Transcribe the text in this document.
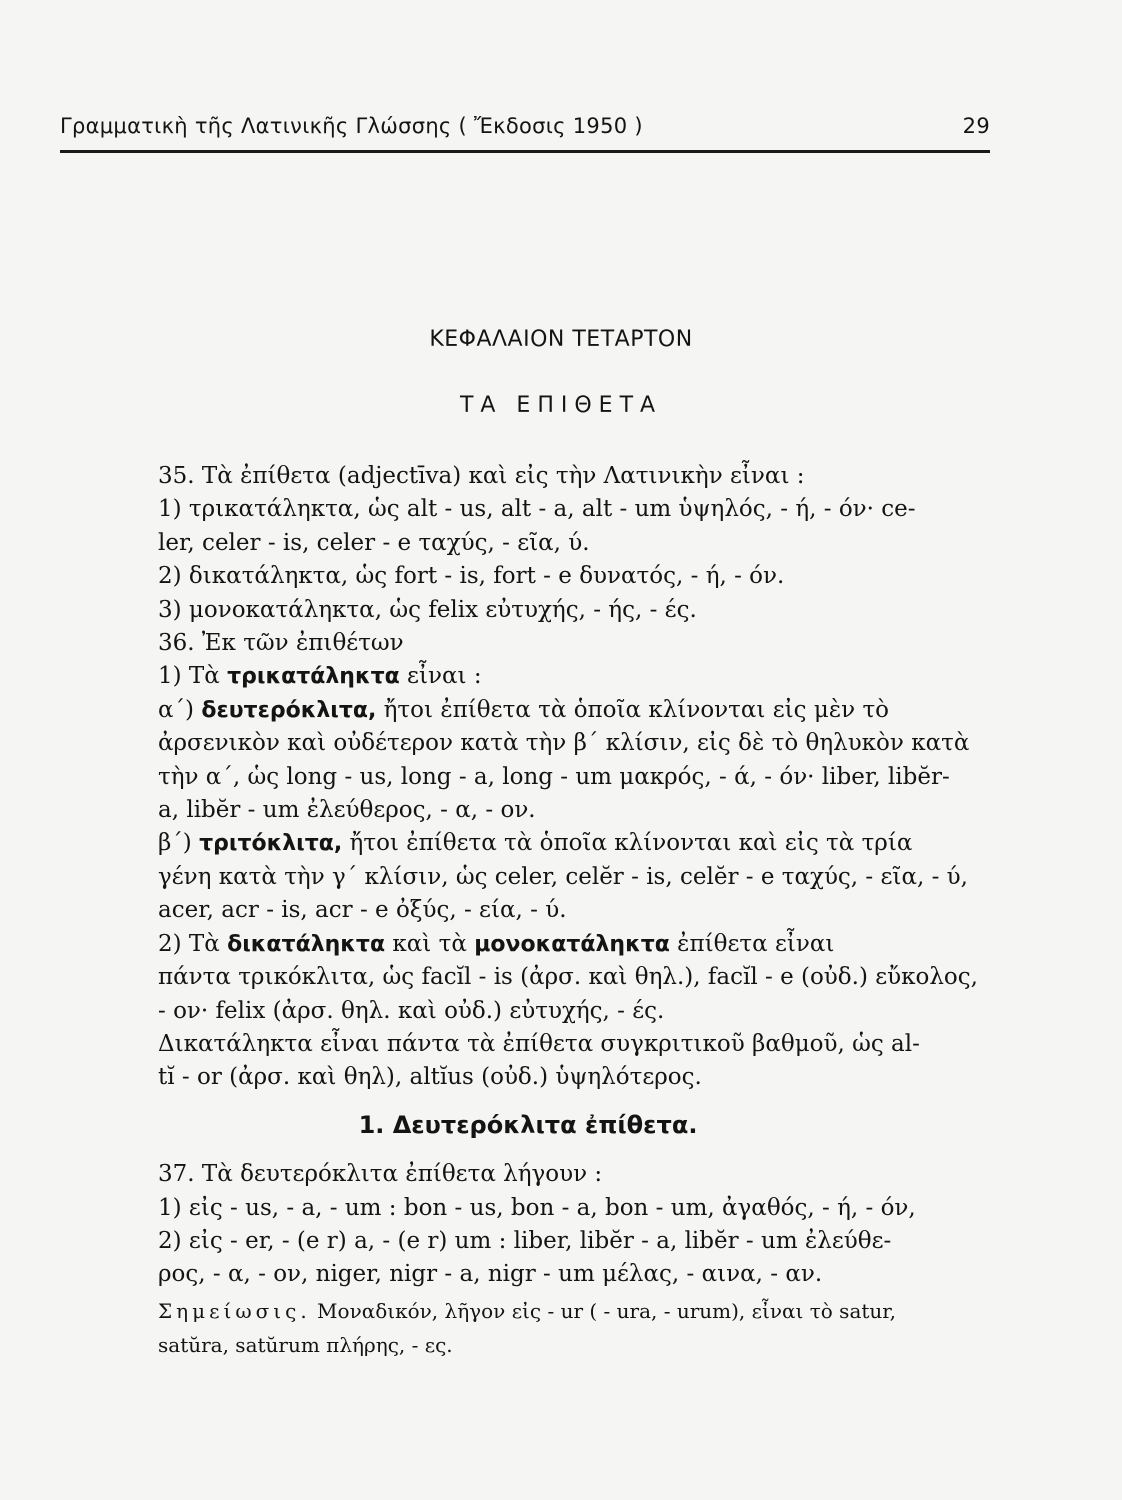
Γραμματικὴ τῆς Λατινικῆς Γλώσσης ( Ἔκδοσις 1950 )	29
ΚΕΦΑΛΑΙΟΝ ΤΕΤΑΡΤΟΝ
ΤΑ ΕΠΙΘΕΤΑ

35. Τὰ ἐπίθετα (adjectīva) καὶ εἰς τὴν Λατινικὴν εἶναι :

1) τρικατάληκτα, ὡς alt - us, alt - a, alt - um ὑψηλός, - ή, - όν· ce-

ler, celer - is, celer - e ταχύς, - εῖα, ύ.

2) δικατάληκτα, ὡς fort - is, fort - e δυνατός, - ή, - όν.

3) μονοκατάληκτα, ὡς felix εὐτυχής, - ής, - ές.

36. Ἐκ τῶν ἐπιθέτων

1) Τὰ τρικατάληκτα εἶναι :

α΄) δευτερόκλιτα, ἤτοι ἐπίθετα τὰ ὁποῖα κλίνονται εἰς μὲν τὸ

ἀρσενικὸν καὶ οὐδέτερον κατὰ τὴν β΄ κλίσιν, εἰς δὲ τὸ θηλυκὸν κατὰ

τὴν α΄, ὡς long - us, long - a, long - um μακρός, - ά, - όν· liber, libĕr-

a, libĕr - um ἐλεύθερος, - α, - ον.

β΄) τριτόκλιτα, ἤτοι ἐπίθετα τὰ ὁποῖα κλίνονται καὶ εἰς τὰ τρία

γένη κατὰ τὴν γ΄ κλίσιν, ὡς celer, celĕr - is, celĕr - e ταχύς, - εῖα, - ύ,

acer, acr - is, acr - e ὀξύς, - εία, - ύ.

2) Τὰ δικατάληκτα καὶ τὰ μονοκατάληκτα ἐπίθετα εἶναι

πάντα τρικόκλιτα, ὡς facĭl - is (ἀρσ. καὶ θηλ.), facĭl - e (οὐδ.) εὔκολος,

- ον· felix (ἀρσ. θηλ. καὶ οὐδ.) εὐτυχής, - ές.

Δικατάληκτα εἶναι πάντα τὰ ἐπίθετα συγκριτικοῦ βαθμοῦ, ὡς al-

tĭ - or (ἀρσ. καὶ θηλ), altĭus (οὐδ.) ὑψηλότερος.

1. Δευτερόκλιτα ἐπίθετα.

37. Τὰ δευτερόκλιτα ἐπίθετα λήγουν :

1) εἰς - us, - a, - um : bon - us, bon - a, bon - um, ἀγαθός, - ή, - όν,

2) εἰς - er, - (e r) a, - (e r) um : liber, libĕr - a, libĕr - um ἐλεύθε-

ρος, - α, - ον, niger, nigr - a, nigr - um μέλας, - αινα, - αν.

Σημείωσις. Μοναδικόν, λῆγον εἰς - ur ( - ura, - urum), εἶναι τὸ satur,

satŭra, satŭrum πλήρης, - ες.
